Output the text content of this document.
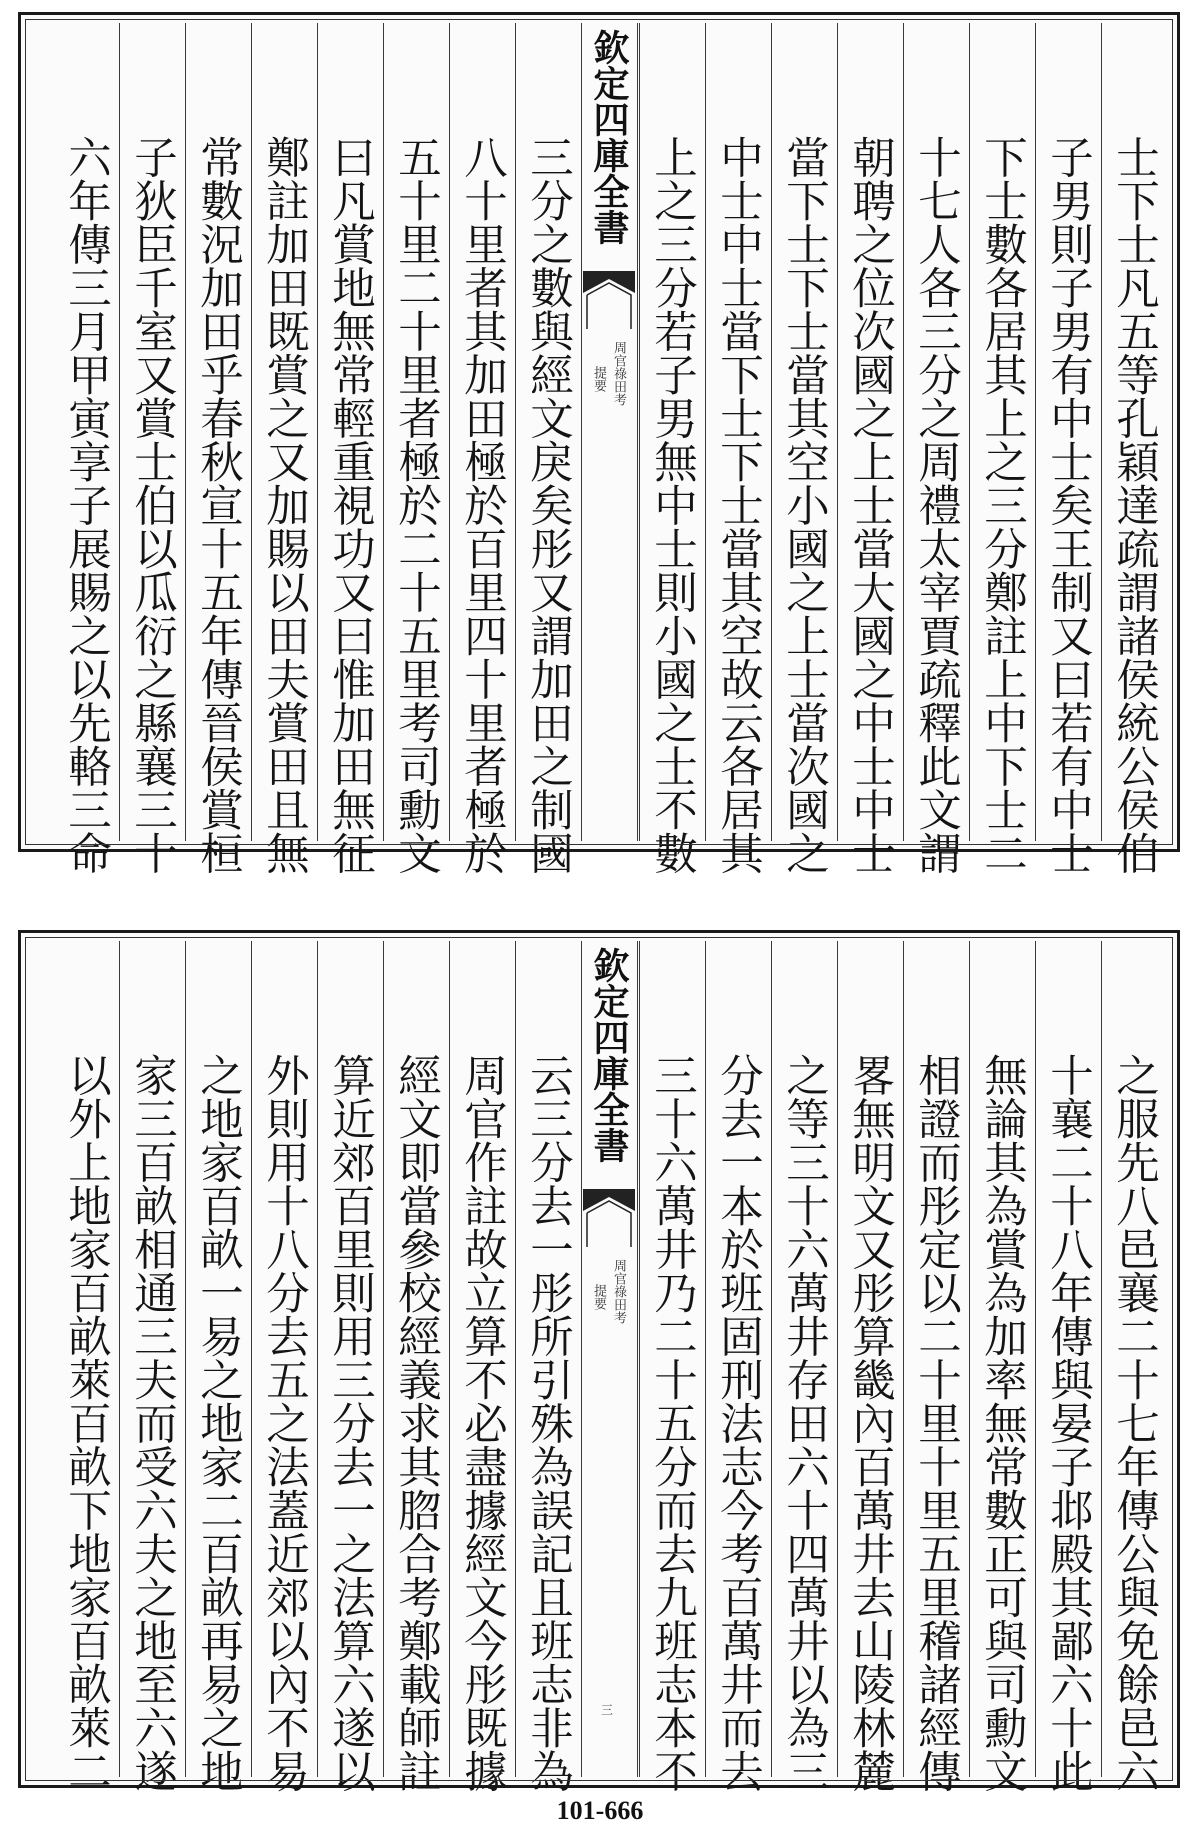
士下士凡五等孔穎達疏謂諸侯統公侯伯
子男則子男有中士矣王制又曰若有中士
下士數各居其上之三分鄭註上中下士二
十七人各三分之周禮太宰賈疏釋此文謂
朝聘之位次國之上士當大國之中士中士
當下士下士當其空小國之上士當次國之
中士中士當下士下士當其空故云各居其
上之三分若子男無中士則小國之士不數
欽定四庫全書
周官祿田考
提要
三分之數與經文戾矣彤又謂加田之制國
八十里者其加田極於百里四十里者極於
五十里二十里者極於二十五里考司勳文
曰凡賞地無常輕重視功又曰惟加田無征
鄭註加田既賞之又加賜以田夫賞田且無
常數況加田乎春秋宣十五年傳晉侯賞桓
子狄臣千室又賞士伯以瓜衍之縣襄三十
六年傳三月甲寅享子展賜之以先輅三命
之服先八邑襄二十七年傳公與免餘邑六
十襄二十八年傳與晏子邶殿其鄙六十此
無論其為賞為加率無常數正可與司勳文
相證而彤定以二十里十里五里稽諸經傳
畧無明文又彤算畿內百萬井去山陵林麓
之等三十六萬井存田六十四萬井以為三
分去一本於班固刑法志今考百萬井而去
三十六萬井乃二十五分而去九班志本不
欽定四庫全書
周官祿田考
提要
三
云三分去一彤所引殊為誤記且班志非為
周官作註故立算不必盡據經文今彤既據
經文即當參校經義求其脗合考鄭載師註
算近郊百里則用三分去一之法算六遂以
外則用十八分去五之法蓋近郊以內不易
之地家百畝一易之地家二百畝再易之地
家三百畝相通三夫而受六夫之地至六遂
以外上地家百畝萊百畝下地家百畝萊二
101-666
